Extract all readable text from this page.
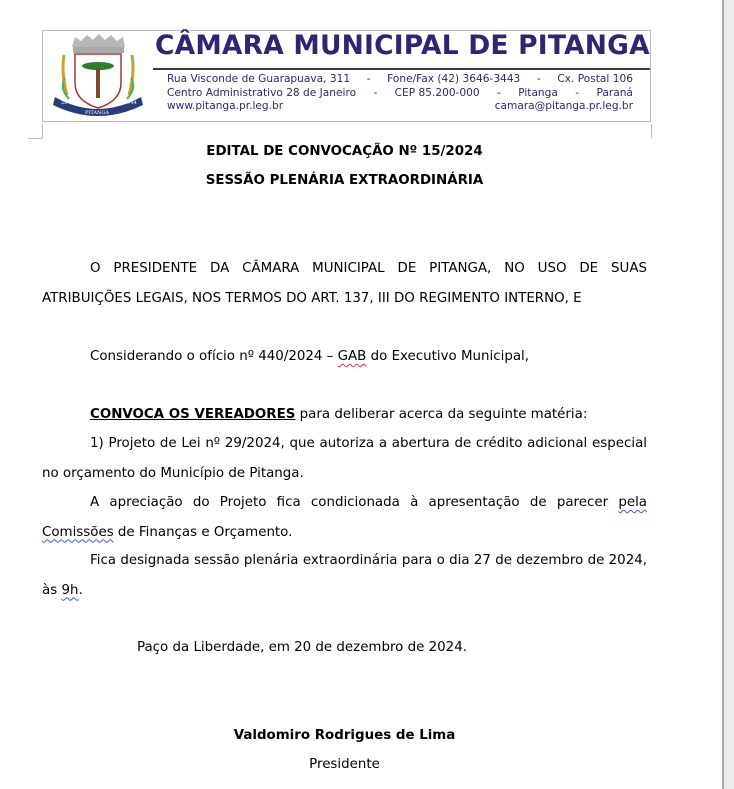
28-1	1944
PITANGA
CÂMARA MUNICIPAL DE PITANGA
Rua Visconde de Guarapuava, 311 - Fone/Fax (42) 3646-3443 - Cx. Postal 106
Centro Administrativo 28 de Janeiro - CEP 85.200-000 - Pitanga - Paraná
www.pitanga.pr.leg.br	camara@pitanga.pr.leg.br
EDITAL DE CONVOCAÇÃO Nº 15/2024
SESSÃO PLENÁRIA EXTRAORDINÁRIA
O PRESIDENTE DA CÂMARA MUNICIPAL DE PITANGA, NO USO DE SUAS ATRIBUIÇÕES LEGAIS, NOS TERMOS DO ART. 137, III DO REGIMENTO INTERNO, E
Considerando o ofício nº 440/2024 – GAB do Executivo Municipal,
CONVOCA OS VEREADORES para deliberar acerca da seguinte matéria:
1) Projeto de Lei nº 29/2024, que autoriza a abertura de crédito adicional especial no orçamento do Município de Pitanga.
A apreciação do Projeto fica condicionada à apresentação de parecer pela Comissões de Finanças e Orçamento.
Fica designada sessão plenária extraordinária para o dia 27 de dezembro de 2024, às 9h.
Paço da Liberdade, em 20 de dezembro de 2024.
Valdomiro Rodrigues de Lima
Presidente
